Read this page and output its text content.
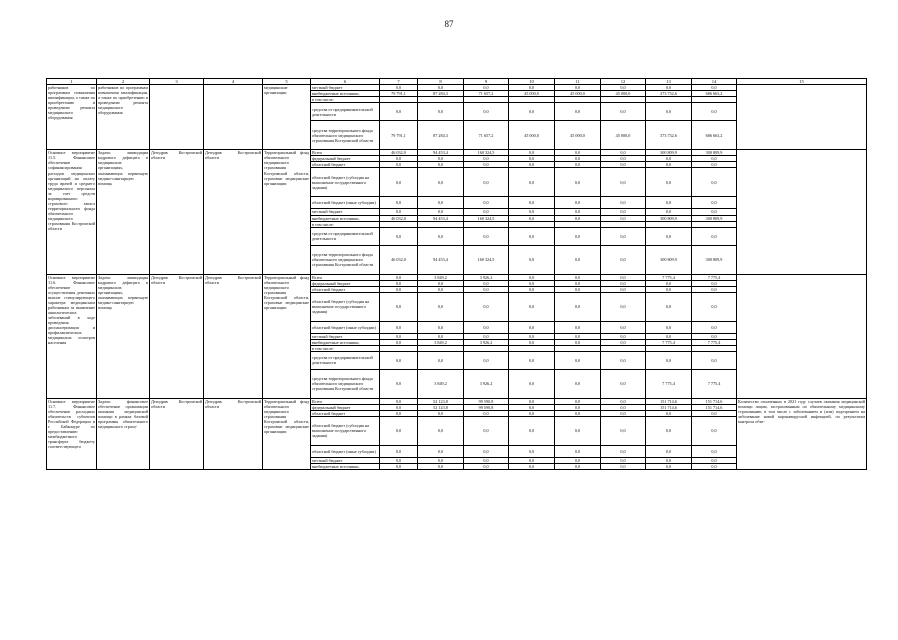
87
1	2	3	4	5	6	7	8	9	10	11	12	13	14	15
работников по программам повышения квалификации, а также по приобретению и проведению ремонта медицинского оборудования	работников по программам повышения квалификации, а также по приобретению и проведению ремонта медицинского оборудования			медицинские организации	местный бюджет	0,0	0,0	0,0	0,0	0,0	0,0	0,0	0,0	
					внебюджетные источники,	79 791,1	87 284,3	71 657,2	45 000,0	45 000,0	45 000,0	373 732,6	686 663,2	
					в том числе:									
					средства от предпринимательской деятельности	0,0	0,0	0,0	0,0	0,0	0,0	0,0	0,0	
					средства территориального фонда обязательного медицинского страхования Костромской области	79 791,1	87 284,3	71 657,2	45 000,0	45 000,0	45 000,0	373 732,6	686 663,2	
Основное мероприятие 11.5. Финансовое обеспечение софинансирования расходов медицинских организаций на оплату труда врачей и среднего медицинского персонала за счет средств нормированного страхового запаса территориального фонда обязательного медицинского страхования Костромской области	Задача: ликвидация кадрового дефицита в медицинских организациях, оказывающих первичную медико-санитарную помощь	Депздрав Костромской области	Депздрав Костромской области	Территориальный фонд обязательного медицинского страхования Костромской области, страховые медицинские организации	Всего	46 032,0	94 453,4	160 324,5	0,0	0,0	0,0	300 809,9	300 809,9	
					федеральный бюджет	0,0	0,0	0,0	0,0	0,0	0,0	0,0	0,0	
					областной бюджет	0,0	0,0	0,0	0,0	0,0	0,0	0,0	0,0	
					областной бюджет (субсидия на выполнение государственного задания)	0,0	0,0	0,0	0,0	0,0	0,0	0,0	0,0	
					областной бюджет (иные субсидии)	0,0	0,0	0,0	0,0	0,0	0,0	0,0	0,0	
					местный бюджет	0,0	0,0	0,0	0,0	0,0	0,0	0,0	0,0	
					внебюджетные источники,	46 032,0	94 453,4	160 324,5	0,0	0,0	0,0	300 809,9	300 809,9	
					в том числе:									
					средства от предпринимательской деятельности	0,0	0,0	0,0	0,0	0,0	0,0	0,0	0,0	
					средства территориального фонда обязательного медицинского страхования Костромской области	46 032,0	94 453,4	160 324,5	0,0	0,0	0,0	300 809,9	300 809,9	
Основное мероприятие 11.6. Финансовое обеспечение осуществления денежных выплат стимулирующего характера медицинским работникам за выявление онкологических заболеваний в ходе проведения диспансеризации и профилактических медицинских осмотров населения	Задача: ликвидация кадрового дефицита в медицинских организациях, оказывающих первичную медико-санитарную помощь	Депздрав Костромской области	Депздрав Костромской области	Территориальный фонд обязательного медицинского страхования Костромской области, страховые медицинские организации	Всего	0,0	3 849,2	3 926,2	0,0	0,0	0,0	7 775,4	7 775,4	
					федеральный бюджет	0,0	0,0	0,0	0,0	0,0	0,0	0,0	0,0	
					областной бюджет	0,0	0,0	0,0	0,0	0,0	0,0	0,0	0,0	
					областной бюджет (субсидия на выполнение государственного задания)	0,0	0,0	0,0	0,0	0,0	0,0	0,0	0,0	
					областной бюджет (иные субсидии)	0,0	0,0	0,0	0,0	0,0	0,0	0,0	0,0	
					местный бюджет	0,0	0,0	0,0	0,0	0,0	0,0	0,0	0,0	
					внебюджетные источники,	0,0	3 849,2	3 926,2	0,0	0,0	0,0	7 775,4	7 775,4	
					в том числе:									
					средства от предпринимательской деятельности	0,0	0,0	0,0	0,0	0,0	0,0	0,0	0,0	
					средства территориального фонда обязательного медицинского страхования Костромской области	0,0	3 849,2	3 926,2	0,0	0,0	0,0	7 775,4	7 775,4	
Основное мероприятие 11.7. Финансовое обеспечение расходных обязательств субъектов Российской Федерации в г. Байконуре по предоставлению межбюджетного трансферта бюджету соответствующего	Задача: финансовое обеспечение организации оказания медицинской помощи в рамках базовой программы обязательного медицинского страхо-	Депздрав Костромской области	Депздрав Костромской области	Территориальный фонд обязательного медицинского страхования Костромской области, страховые медицинские организации	Всего	0,0	52 123,8	99 590,8	0,0	0,0	0,0	151 714,6	151 714,6	Количество оплаченных в 2021 году случаев оказания медицинской помощи лицам, застрахованным по обязательному медицинскому страхованию, в том числе с заболеванием и (или) подозрением на заболевание новой коронавирусной инфекцией, по результатам контроля объе-
					федеральный бюджет	0,0	52 123,8	99 590,8	0,0	0,0	0,0	151 714,6	151 714,6	
					областной бюджет	0,0	0,0	0,0	0,0	0,0	0,0	0,0	0,0	
					областной бюджет (субсидия на выполнение государственного задания)	0,0	0,0	0,0	0,0	0,0	0,0	0,0	0,0	
					областной бюджет (иные субсидии)	0,0	0,0	0,0	0,0	0,0	0,0	0,0	0,0	
					местный бюджет	0,0	0,0	0,0	0,0	0,0	0,0	0,0	0,0	
					внебюджетные источники,	0,0	0,0	0,0	0,0	0,0	0,0	0,0	0,0	
